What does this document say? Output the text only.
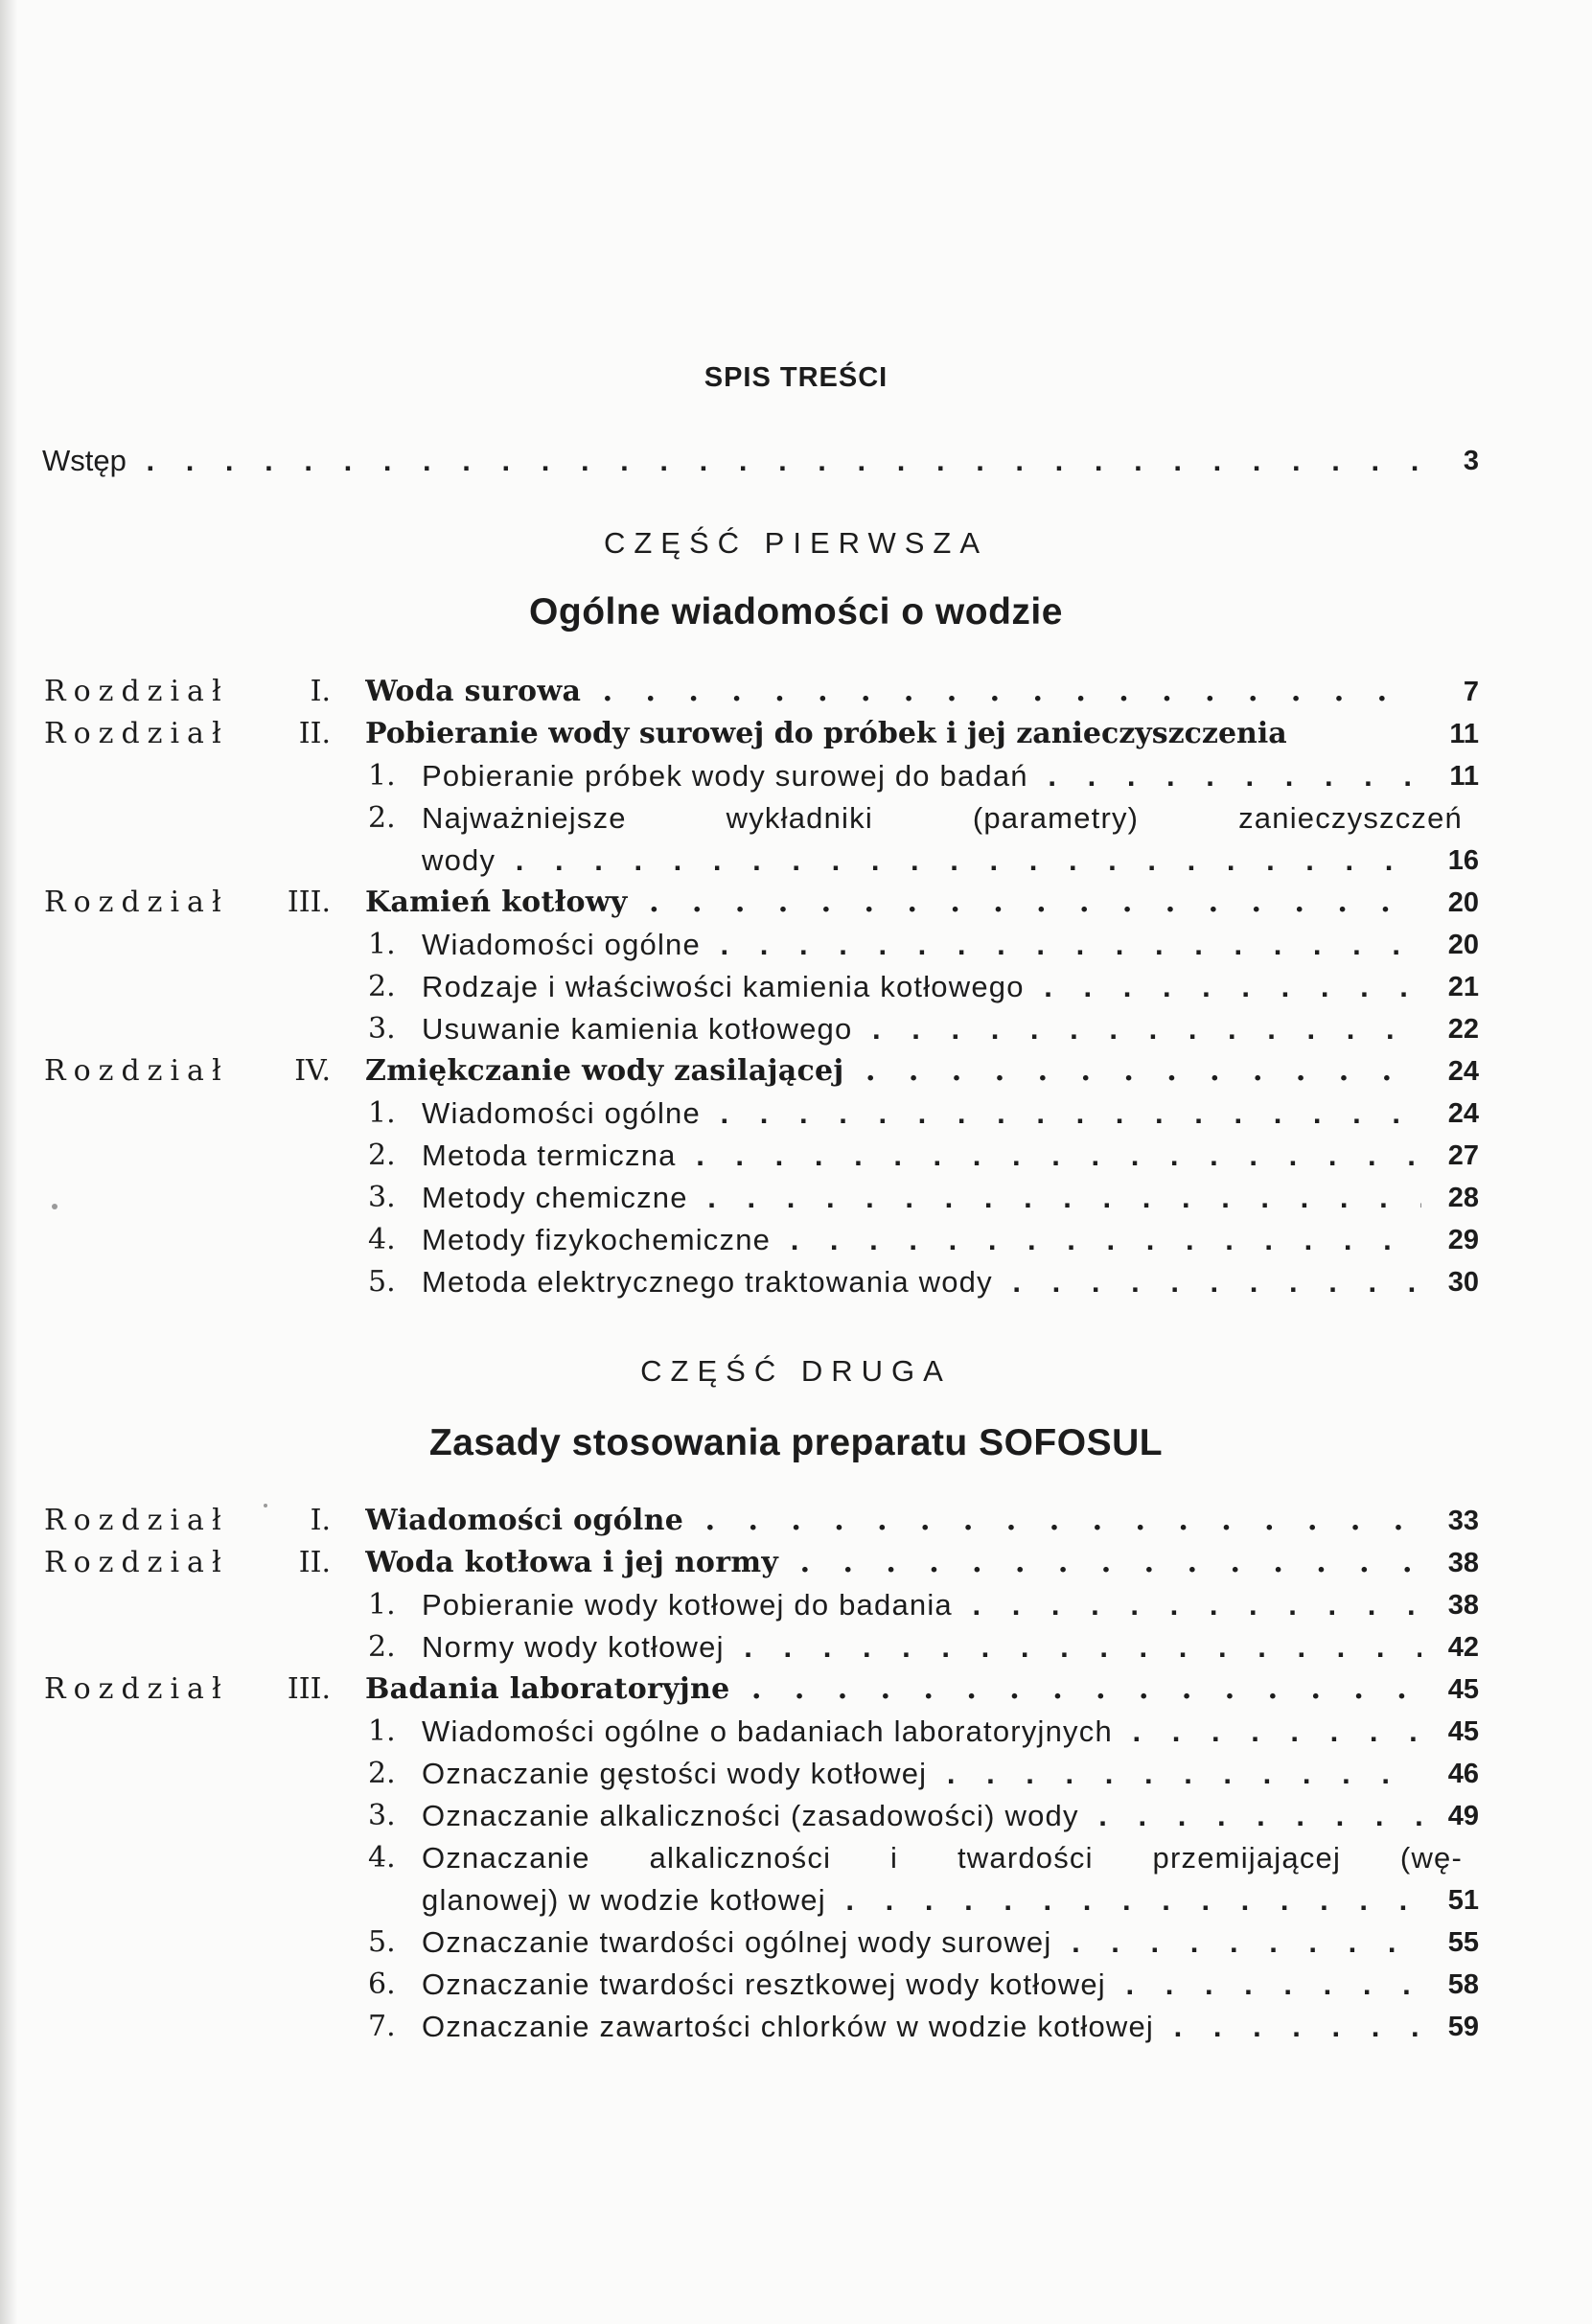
SPIS TREŚCI
Wstęp . . .	3
CZĘŚĆ PIERWSZA
Ogólne wiadomości o wodzie
Rozdział	I. Woda surowa . . .	7
Rozdział II. Pobieranie wody surowej do próbek i jej zanieczyszczenia	11
1. Pobieranie próbek wody surowej do badań . . .	11
2. Najważniejsze wykładniki (parametry) zanieczyszczeń
wody . . .	16
Rozdział III. Kamień kotłowy . . .	20
1. Wiadomości ogólne . . .	20
2. Rodzaje i właściwości kamienia kotłowego . . .	21
3. Usuwanie kamienia kotłowego . . .	22
Rozdział IV. Zmiękczanie wody zasilającej . . .	24
1. Wiadomości ogólne . . .	24
2. Metoda termiczna . . .	27
3. Metody chemiczne . . .	28
4. Metody fizykochemiczne . . .	29
5. Metoda elektrycznego traktowania wody . . .	30
CZĘŚĆ DRUGA
Zasady stosowania preparatu SOFOSUL
Rozdział	I. Wiadomości ogólne . . .	33
Rozdział II. Woda kotłowa i jej normy . . .	38
1. Pobieranie wody kotłowej do badania . . .	38
2. Normy wody kotłowej . . .	42
Rozdział III. Badania laboratoryjne . . .	45
1. Wiadomości ogólne o badaniach laboratoryjnych . . .	45
2. Oznaczanie gęstości wody kotłowej . . .	46
3. Oznaczanie alkaliczności (zasadowości) wody . . .	49
4. Oznaczanie alkaliczności i twardości przemijającej (wę-
glanowej) w wodzie kotłowej . . .	51
5. Oznaczanie twardości ogólnej wody surowej . . .	55
6. Oznaczanie twardości resztkowej wody kotłowej . . .	58
7. Oznaczanie zawartości chlorków w wodzie kotłowej . . .	59
